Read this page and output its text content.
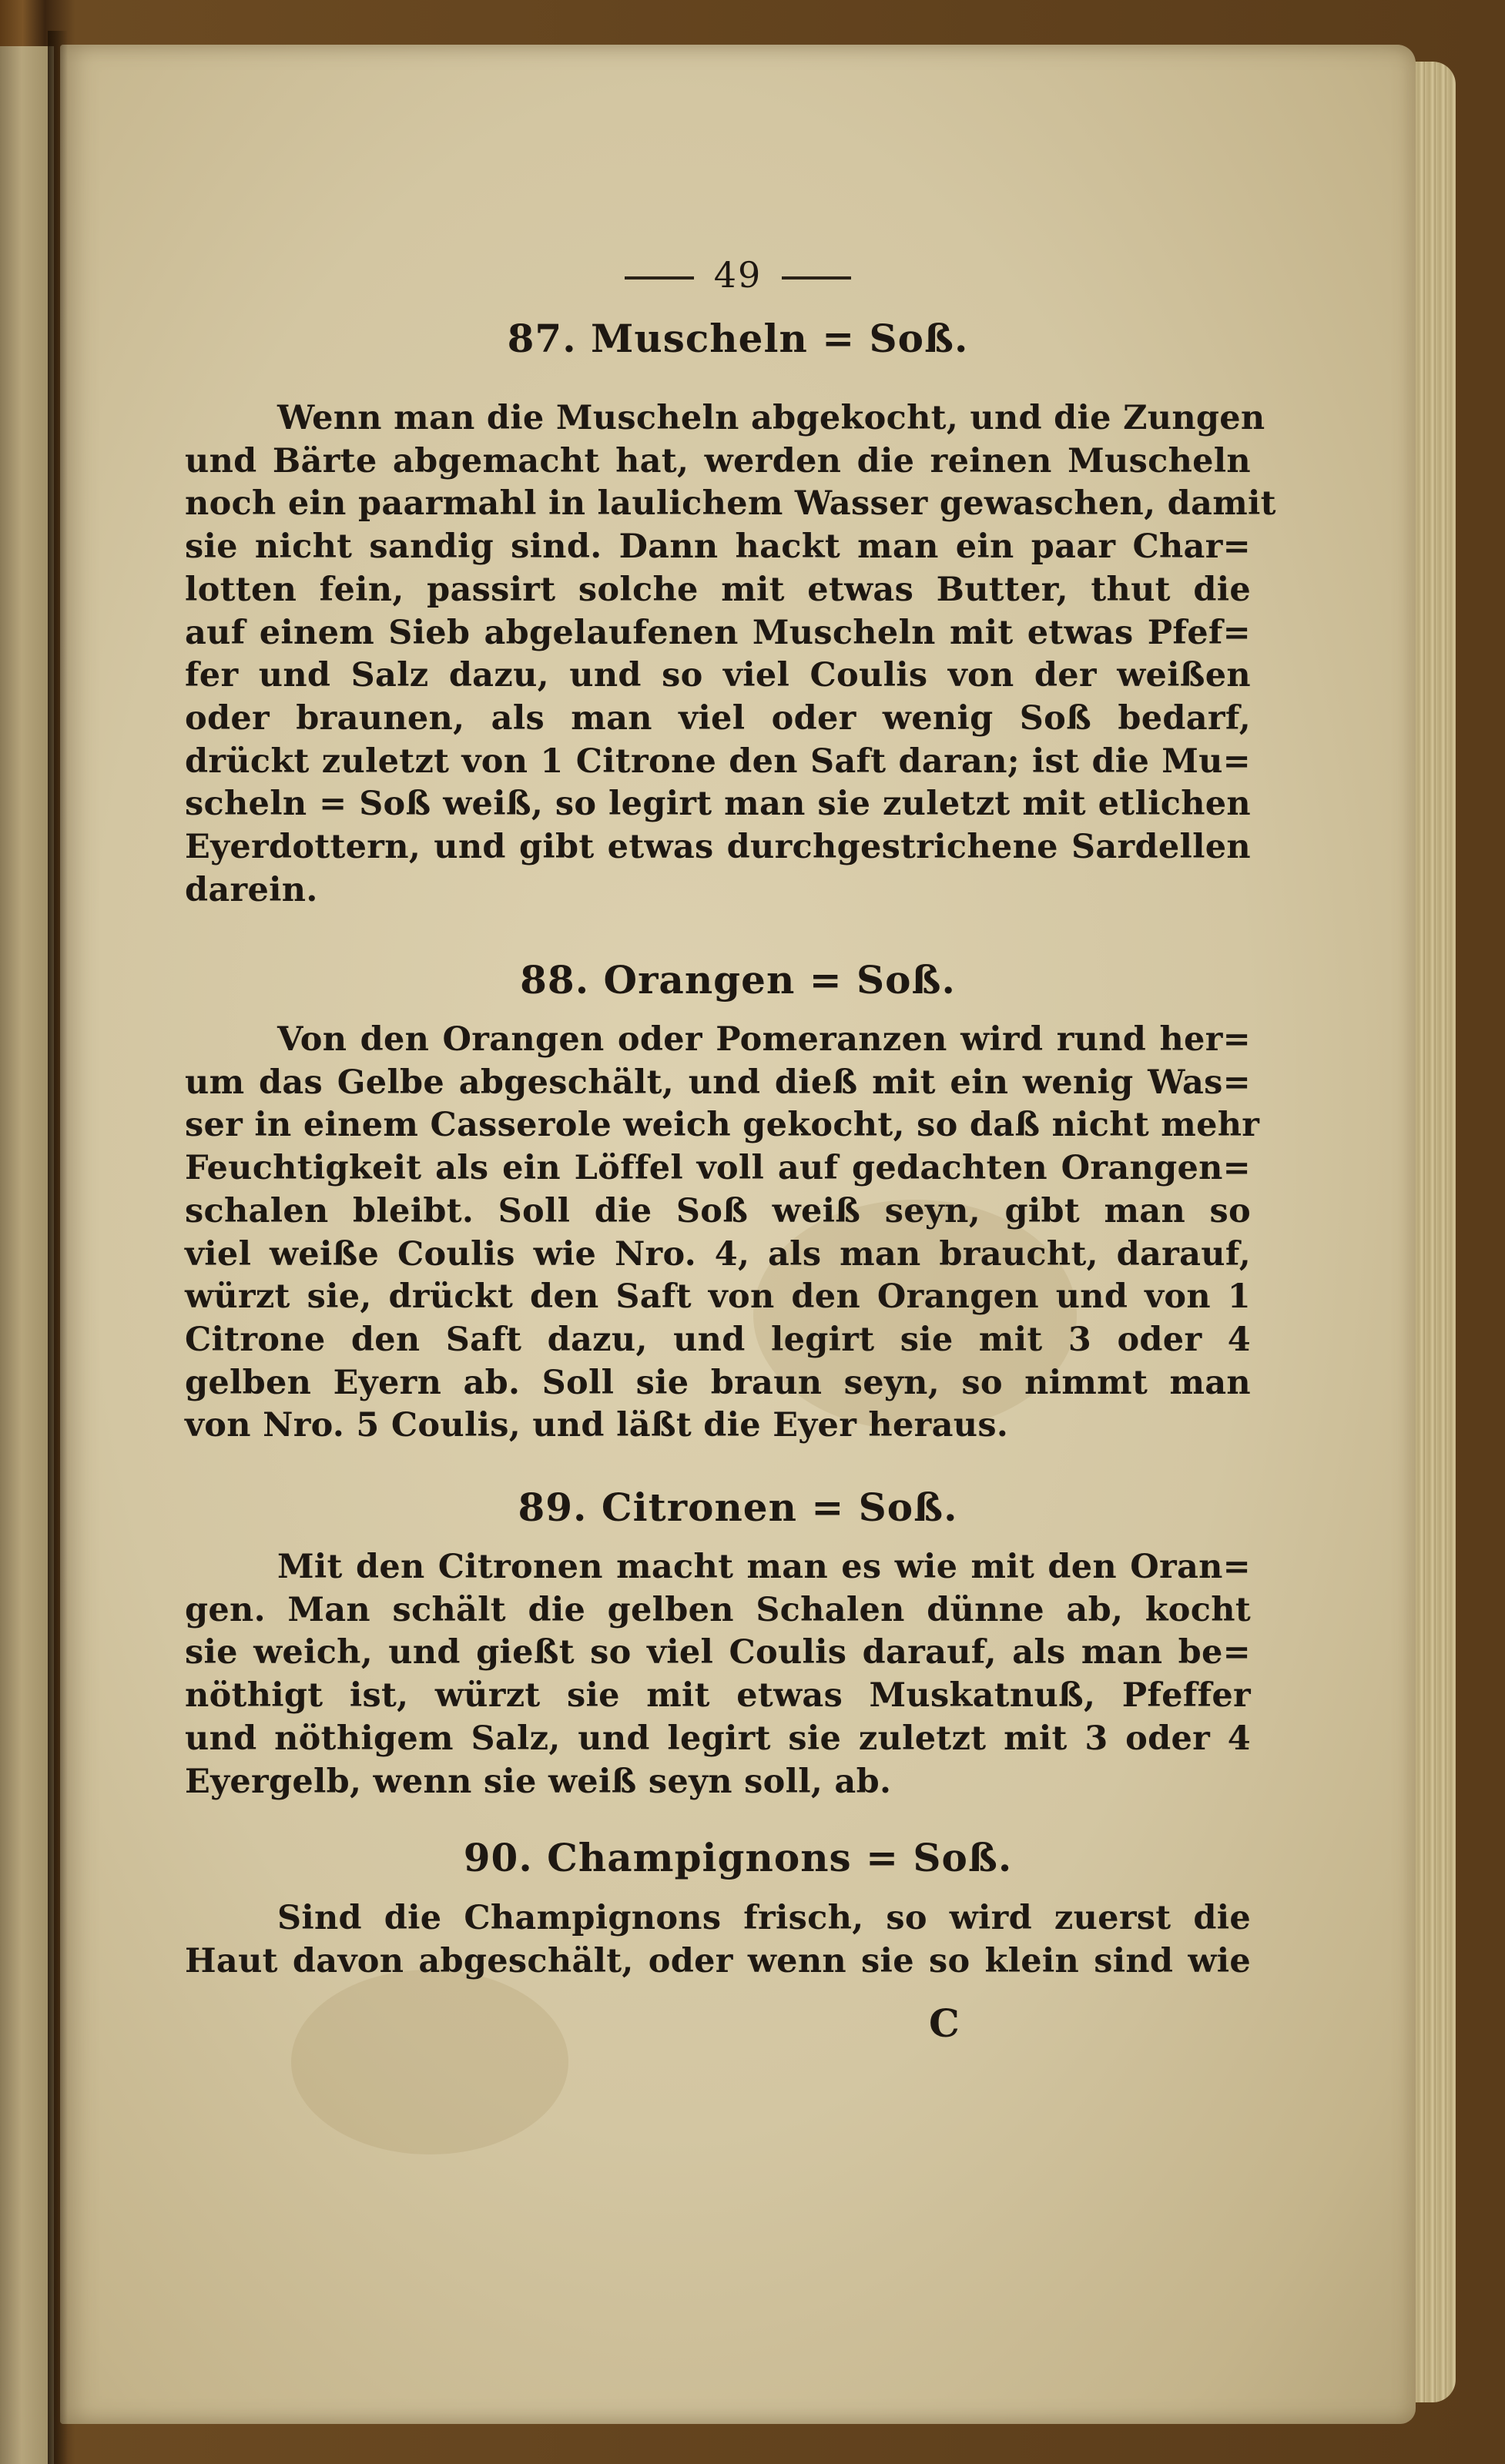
49
87. Muscheln = Soß.
Wenn man die Muscheln abgekocht, und die Zungen
und Bärte abgemacht hat, werden die reinen Muscheln
noch ein paarmahl in laulichem Wasser gewaschen, damit
sie nicht sandig sind. Dann hackt man ein paar Char=
lotten fein, passirt solche mit etwas Butter, thut die
auf einem Sieb abgelaufenen Muscheln mit etwas Pfef=
fer und Salz dazu, und so viel Coulis von der weißen
oder braunen, als man viel oder wenig Soß bedarf,
drückt zuletzt von 1 Citrone den Saft daran; ist die Mu=
scheln = Soß weiß, so legirt man sie zuletzt mit etlichen
Eyerdottern, und gibt etwas durchgestrichene Sardellen
darein.
88. Orangen = Soß.
Von den Orangen oder Pomeranzen wird rund her=
um das Gelbe abgeschält, und dieß mit ein wenig Was=
ser in einem Casserole weich gekocht, so daß nicht mehr
Feuchtigkeit als ein Löffel voll auf gedachten Orangen=
schalen bleibt. Soll die Soß weiß seyn, gibt man so
viel weiße Coulis wie Nro. 4, als man braucht, darauf,
würzt sie, drückt den Saft von den Orangen und von 1
Citrone den Saft dazu, und legirt sie mit 3 oder 4
gelben Eyern ab. Soll sie braun seyn, so nimmt man
von Nro. 5 Coulis, und läßt die Eyer heraus.
89. Citronen = Soß.
Mit den Citronen macht man es wie mit den Oran=
gen. Man schält die gelben Schalen dünne ab, kocht
sie weich, und gießt so viel Coulis darauf, als man be=
nöthigt ist, würzt sie mit etwas Muskatnuß, Pfeffer
und nöthigem Salz, und legirt sie zuletzt mit 3 oder 4
Eyergelb, wenn sie weiß seyn soll, ab.
90. Champignons = Soß.
Sind die Champignons frisch, so wird zuerst die
Haut davon abgeschält, oder wenn sie so klein sind wie
C
